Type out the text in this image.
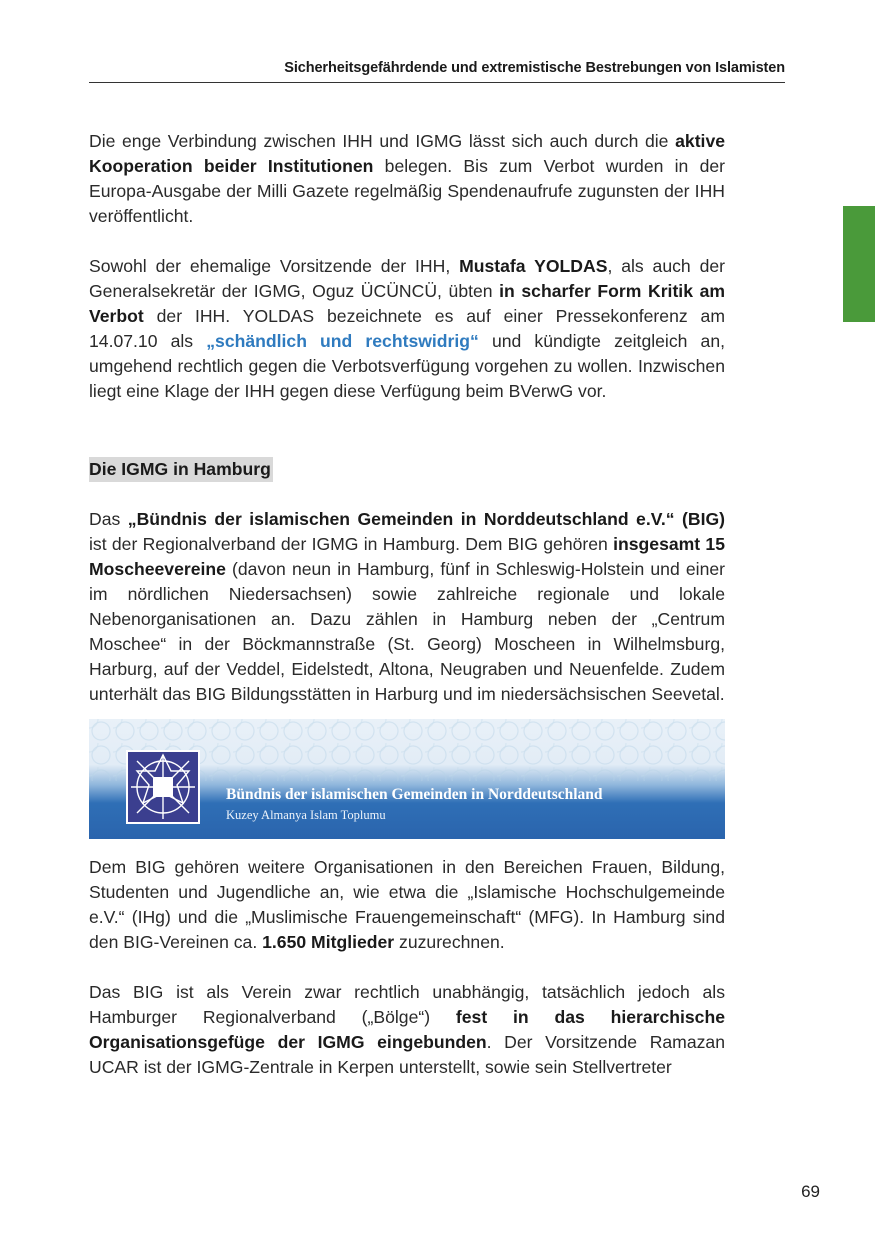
Sicherheitsgefährdende und extremistische Bestrebungen von Islamisten

Die enge Verbindung zwischen IHH und IGMG lässt sich auch durch die aktive Kooperation beider Institutionen belegen. Bis zum Verbot wurden in der Europa-Ausgabe der Milli Gazete regelmäßig Spendenaufrufe zugunsten der IHH veröffentlicht.

Sowohl der ehemalige Vorsitzende der IHH, Mustafa YOLDAS, als auch der Generalsekretär der IGMG, Oguz ÜCÜNCÜ, übten in scharfer Form Kritik am Verbot der IHH. YOLDAS bezeichnete es auf einer Pressekonferenz am 14.07.10 als „schändlich und rechtswidrig“ und kündigte zeitgleich an, umgehend rechtlich gegen die Verbotsverfügung vorgehen zu wollen. Inzwischen liegt eine Klage der IHH gegen diese Verfügung beim BVerwG vor.

Die IGMG in Hamburg

Das „Bündnis der islamischen Gemeinden in Norddeutschland e.V.“ (BIG) ist der Regionalverband der IGMG in Hamburg. Dem BIG gehören insgesamt 15 Moscheevereine (davon neun in Hamburg, fünf in Schleswig-Holstein und einer im nördlichen Niedersachsen) sowie zahlreiche regionale und lokale Nebenorganisationen an. Dazu zählen in Hamburg neben der „Centrum Moschee“ in der Böckmannstraße (St. Georg) Moscheen in Wilhelmsburg, Harburg, auf der Veddel, Eidelstedt, Altona, Neugraben und Neuenfelde. Zudem unterhält das BIG Bildungsstätten in Harburg und im niedersächsischen Seevetal.

Bündnis der islamischen Gemeinden in Norddeutschland
Kuzey Almanya Islam Toplumu

Dem BIG gehören weitere Organisationen in den Bereichen Frauen, Bildung, Studenten und Jugendliche an, wie etwa die „Islamische Hochschulgemeinde e.V.“ (IHg) und die „Muslimische Frauengemeinschaft“ (MFG). In Hamburg sind den BIG-Vereinen ca. 1.650 Mitglieder zuzurechnen.

Das BIG ist als Verein zwar rechtlich unabhängig, tatsächlich jedoch als Hamburger Regionalverband („Bölge“) fest in das hierarchische Organisationsgefüge der IGMG eingebunden. Der Vorsitzende Ramazan UCAR ist der IGMG-Zentrale in Kerpen unterstellt, sowie sein Stellvertreter

69
